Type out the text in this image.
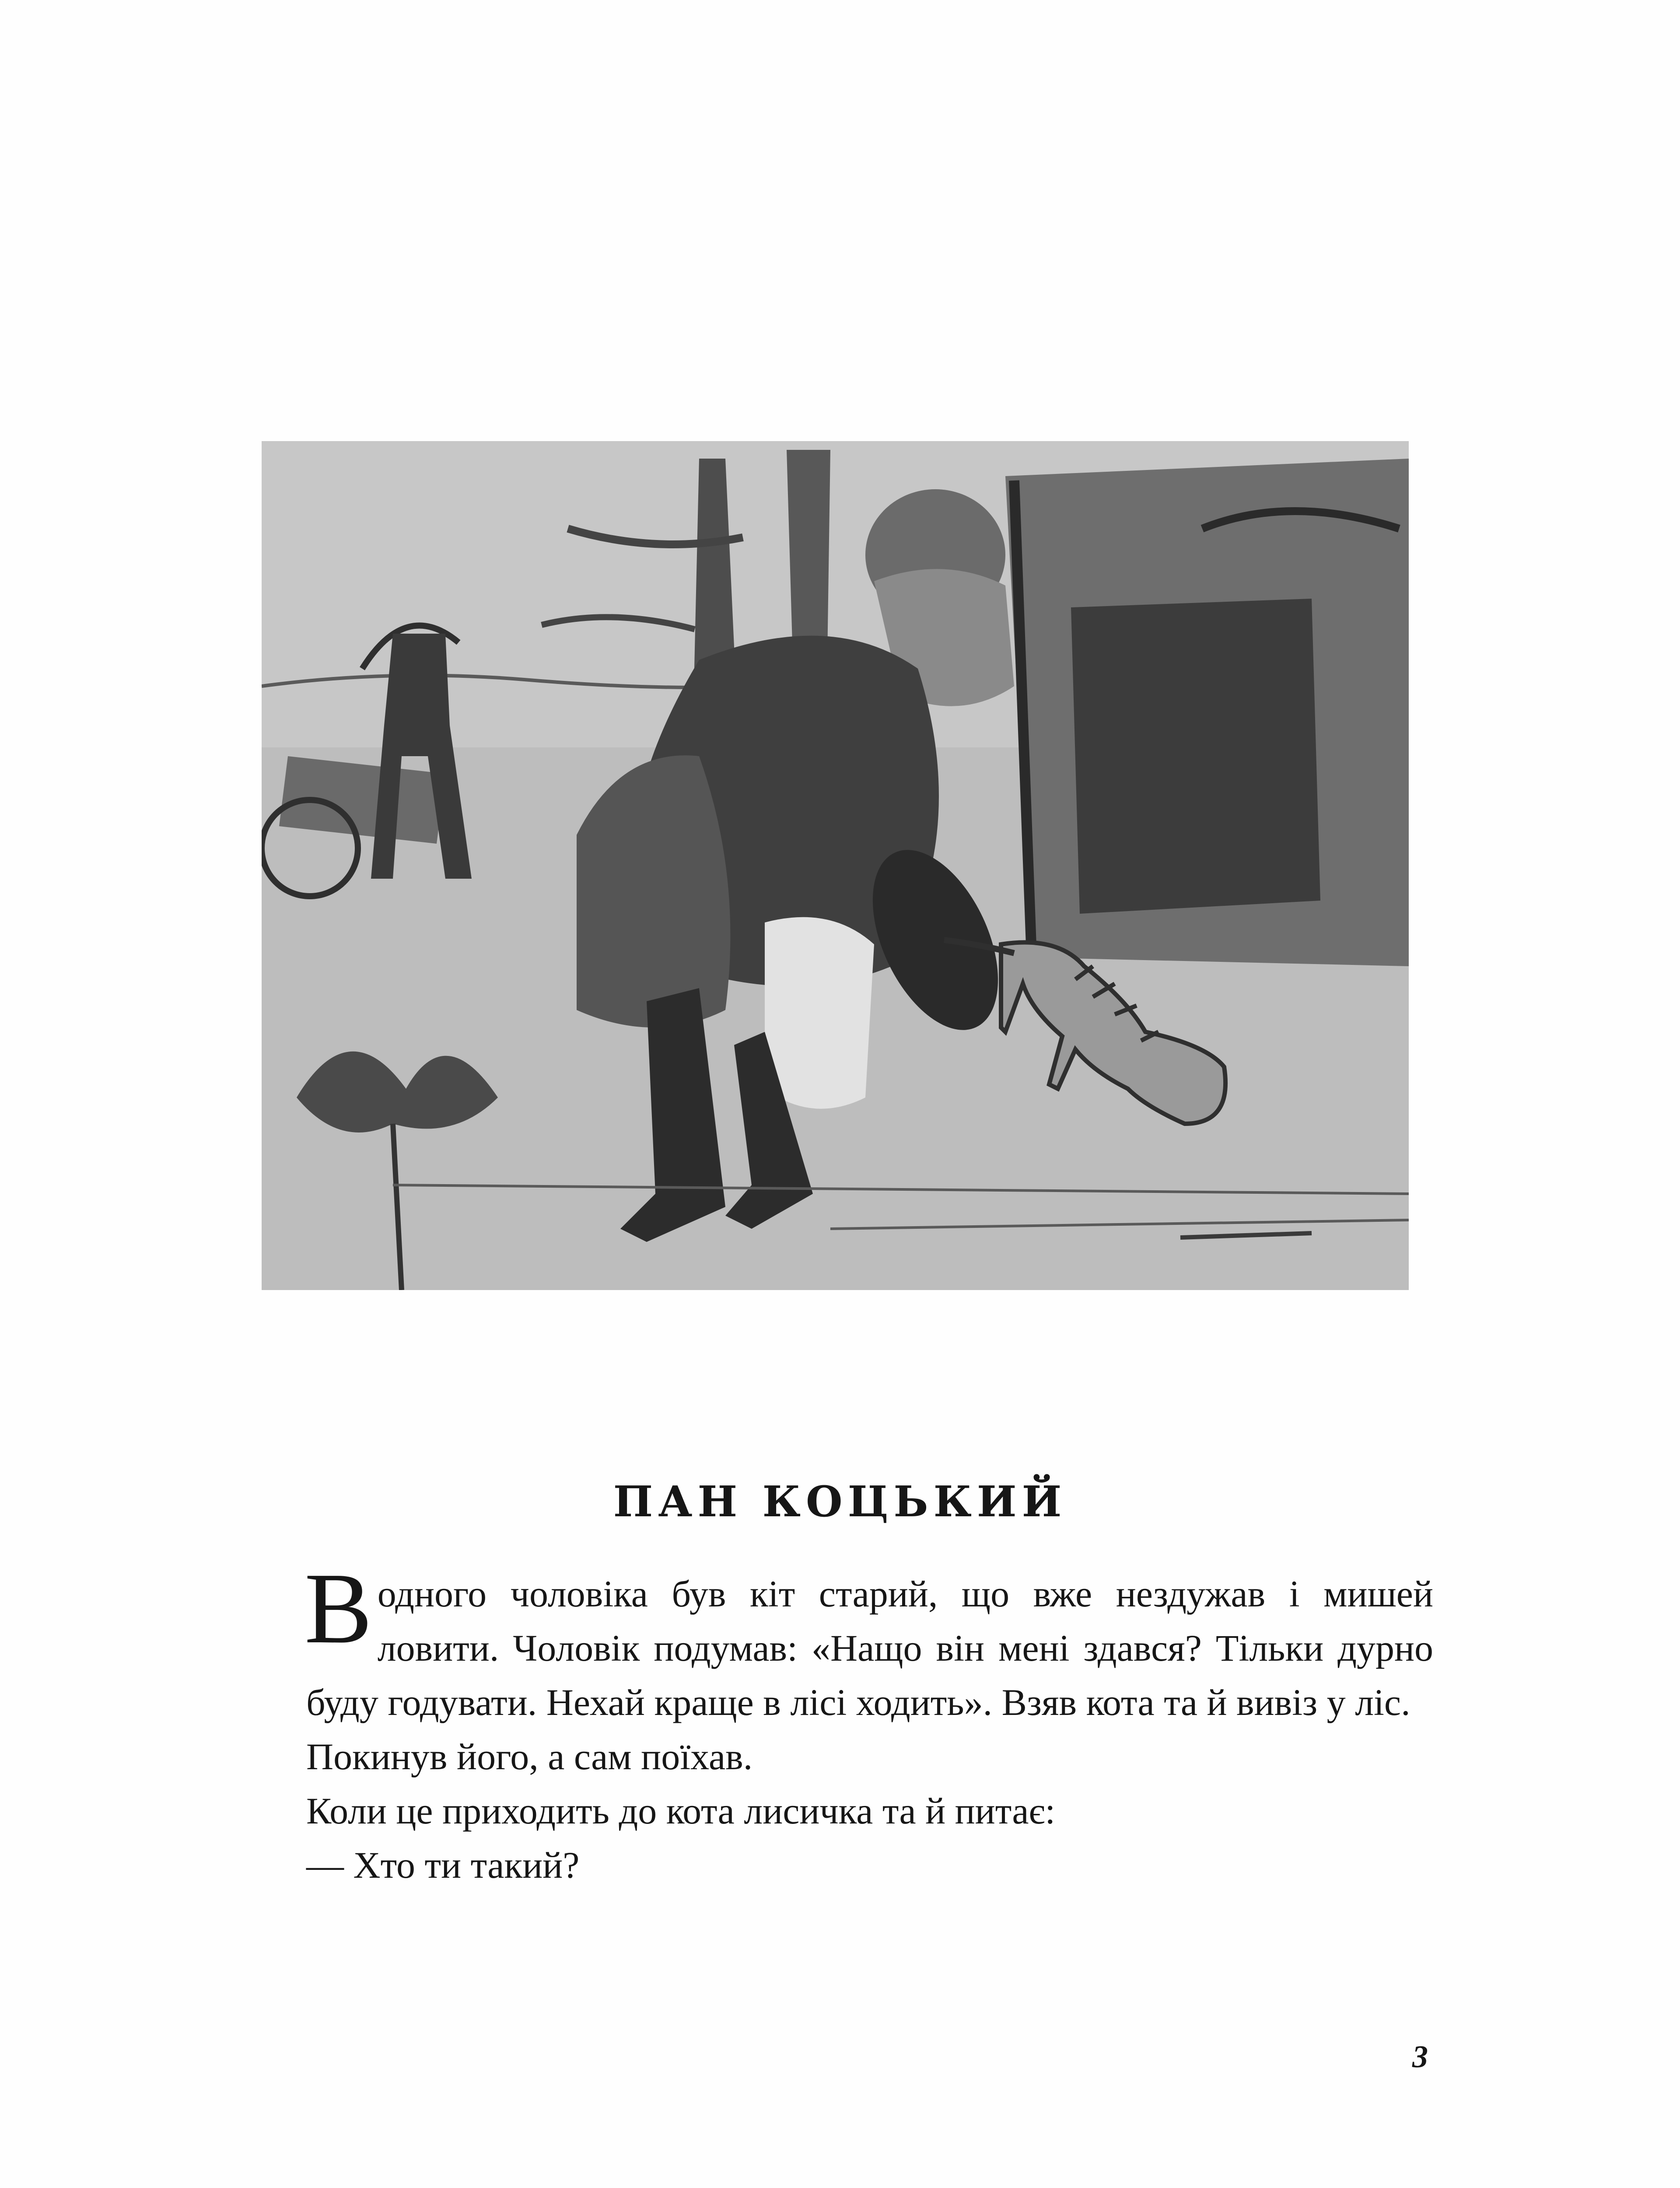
ПАН КОЦЬКИЙ

В одного чоловіка був кіт старий, що вже нездужав і мишей ловити. Чоловік подумав: «Нащо він мені здався? Тільки дурно буду годувати. Нехай краще в лісі ходить». Взяв кота та й вивіз у ліс.

Покинув його, а сам поїхав.

Коли це приходить до кота лисичка та й питає:

— Хто ти такий?

3
